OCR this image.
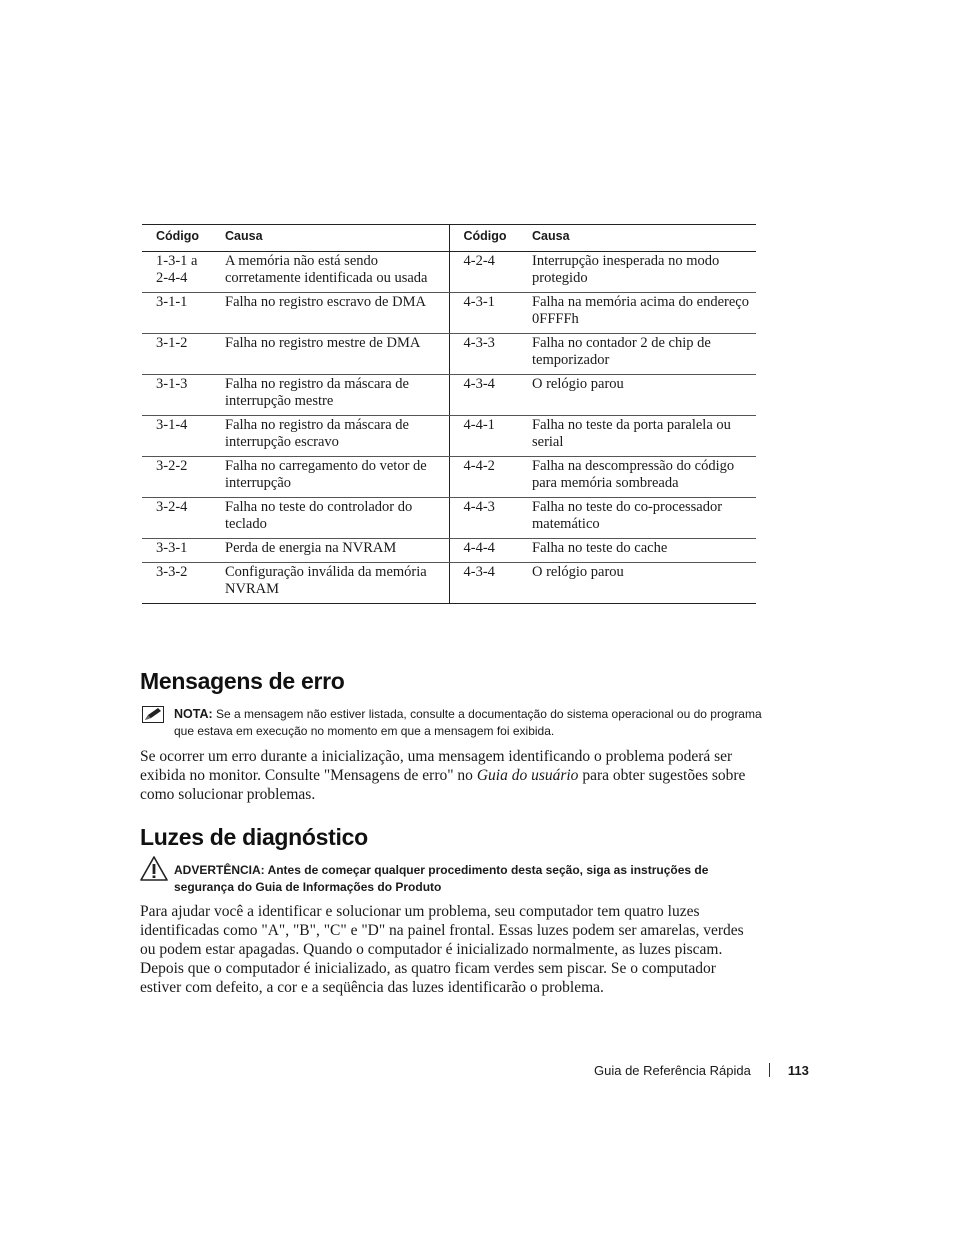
Código	Causa	Código	Causa
1-3-1 a 2-4-4	A memória não está sendo corretamente identificada ou usada	4-2-4	Interrupção inesperada no modo protegido
3-1-1	Falha no registro escravo de DMA	4-3-1	Falha na memória acima do endereço 0FFFFh
3-1-2	Falha no registro mestre de DMA	4-3-3	Falha no contador 2 de chip de temporizador
3-1-3	Falha no registro da máscara de interrupção mestre	4-3-4	O relógio parou
3-1-4	Falha no registro da máscara de interrupção escravo	4-4-1	Falha no teste da porta paralela ou serial
3-2-2	Falha no carregamento do vetor de interrupção	4-4-2	Falha na descompressão do código para memória sombreada
3-2-4	Falha no teste do controlador do teclado	4-4-3	Falha no teste do co-processador matemático
3-3-1	Perda de energia na NVRAM	4-4-4	Falha no teste do cache
3-3-2	Configuração inválida da memória NVRAM	4-3-4	O relógio parou
Mensagens de erro
NOTA: Se a mensagem não estiver listada, consulte a documentação do sistema operacional ou do programa que estava em execução no momento em que a mensagem foi exibida.

Se ocorrer um erro durante a inicialização, uma mensagem identificando o problema poderá ser exibida no monitor. Consulte "Mensagens de erro" no Guia do usuário para obter sugestões sobre como solucionar problemas.

Luzes de diagnóstico
ADVERTÊNCIA: Antes de começar qualquer procedimento desta seção, siga as instruções de segurança do Guia de Informações do Produto

Para ajudar você a identificar e solucionar um problema, seu computador tem quatro luzes identificadas como "A", "B", "C" e "D" na painel frontal. Essas luzes podem ser amarelas, verdes ou podem estar apagadas. Quando o computador é inicializado normalmente, as luzes piscam. Depois que o computador é inicializado, as quatro ficam verdes sem piscar. Se o computador estiver com defeito, a cor e a seqüência das luzes identificarão o problema.

Guia de Referência Rápida	113
